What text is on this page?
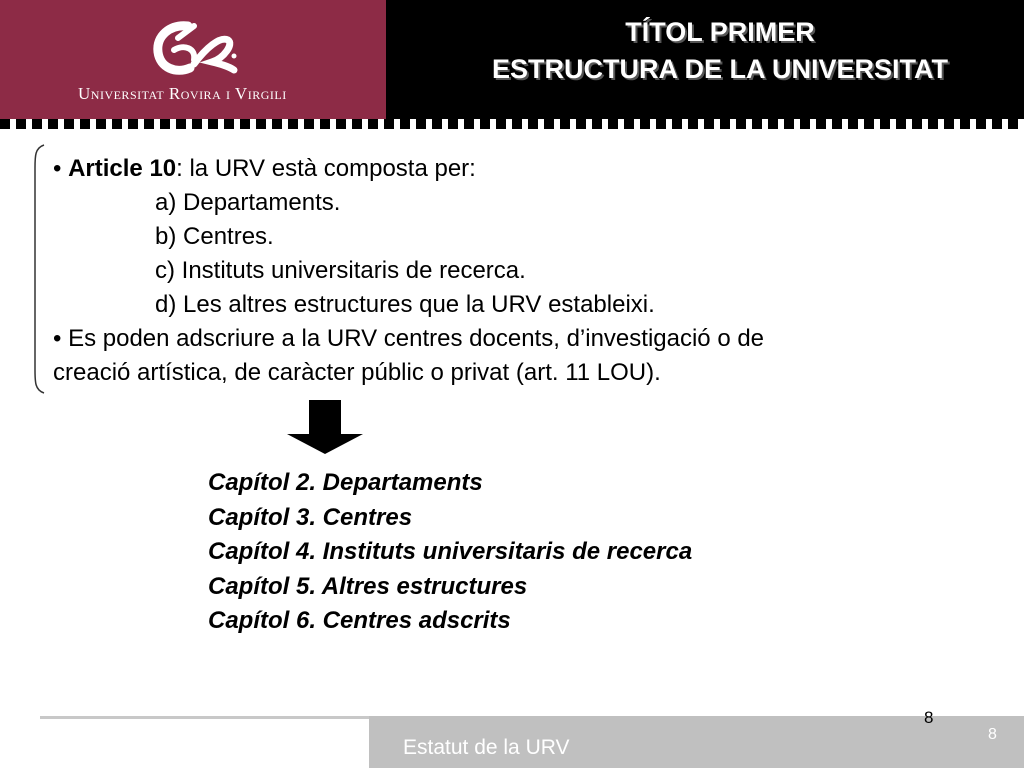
Universitat Rovira i Virgili
TÍTOL PRIMER
ESTRUCTURA DE LA UNIVERSITAT
• Article 10: la URV està composta per:
a) Departaments.
b) Centres.
c) Instituts universitaris de recerca.
d) Les altres estructures que la URV estableixi.
• Es poden adscriure a la URV centres docents, d’investigació o de
creació artística, de caràcter públic o privat (art. 11 LOU).
Capítol 2. Departaments
Capítol 3. Centres
Capítol 4. Instituts universitaris de recerca
Capítol 5. Altres estructures
Capítol 6. Centres adscrits
Estatut de la URV
8
8
